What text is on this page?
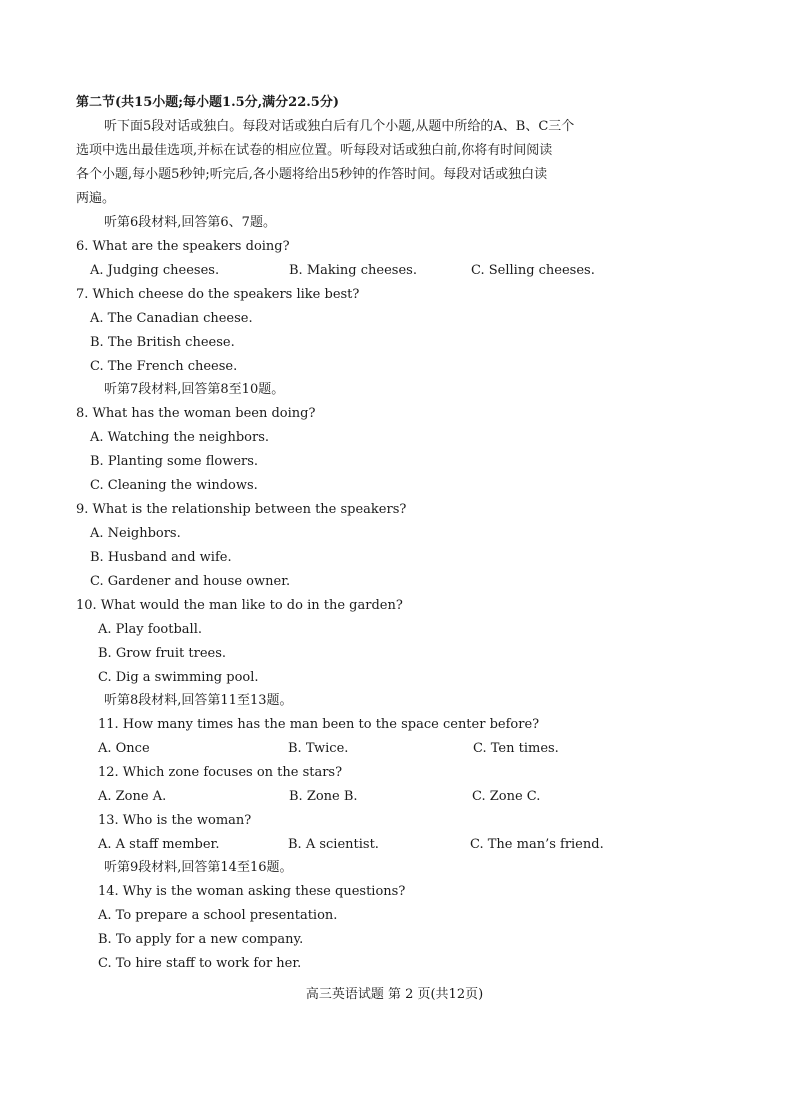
第二节(共15小题;每小题1.5分,满分22.5分)
听下面5段对话或独白。每段对话或独白后有几个小题,从题中所给的A、B、C三个
选项中选出最佳选项,并标在试卷的相应位置。听每段对话或独白前,你将有时间阅读
各个小题,每小题5秒钟;听完后,各小题将给出5秒钟的作答时间。每段对话或独白读
两遍。
听第6段材料,回答第6、7题。
6. What are the speakers doing?
A. Judging cheeses.	B. Making cheeses.	C. Selling cheeses.
7. Which cheese do the speakers like best?
A. The Canadian cheese.
B. The British cheese.
C. The French cheese.
听第7段材料,回答第8至10题。
8. What has the woman been doing?
A. Watching the neighbors.
B. Planting some flowers.
C. Cleaning the windows.
9. What is the relationship between the speakers?
A. Neighbors.
B. Husband and wife.
C. Gardener and house owner.
10. What would the man like to do in the garden?
A. Play football.
B. Grow fruit trees.
C. Dig a swimming pool.
听第8段材料,回答第11至13题。
11. How many times has the man been to the space center before?
A. Once	B. Twice.	C. Ten times.
12. Which zone focuses on the stars?
A. Zone A.	B. Zone B.	C. Zone C.
13. Who is the woman?
A. A staff member.	B. A scientist.	C. The man’s friend.
听第9段材料,回答第14至16题。
14. Why is the woman asking these questions?
A. To prepare a school presentation.
B. To apply for a new company.
C. To hire staff to work for her.
高三英语试题 第 2 页(共12页)
